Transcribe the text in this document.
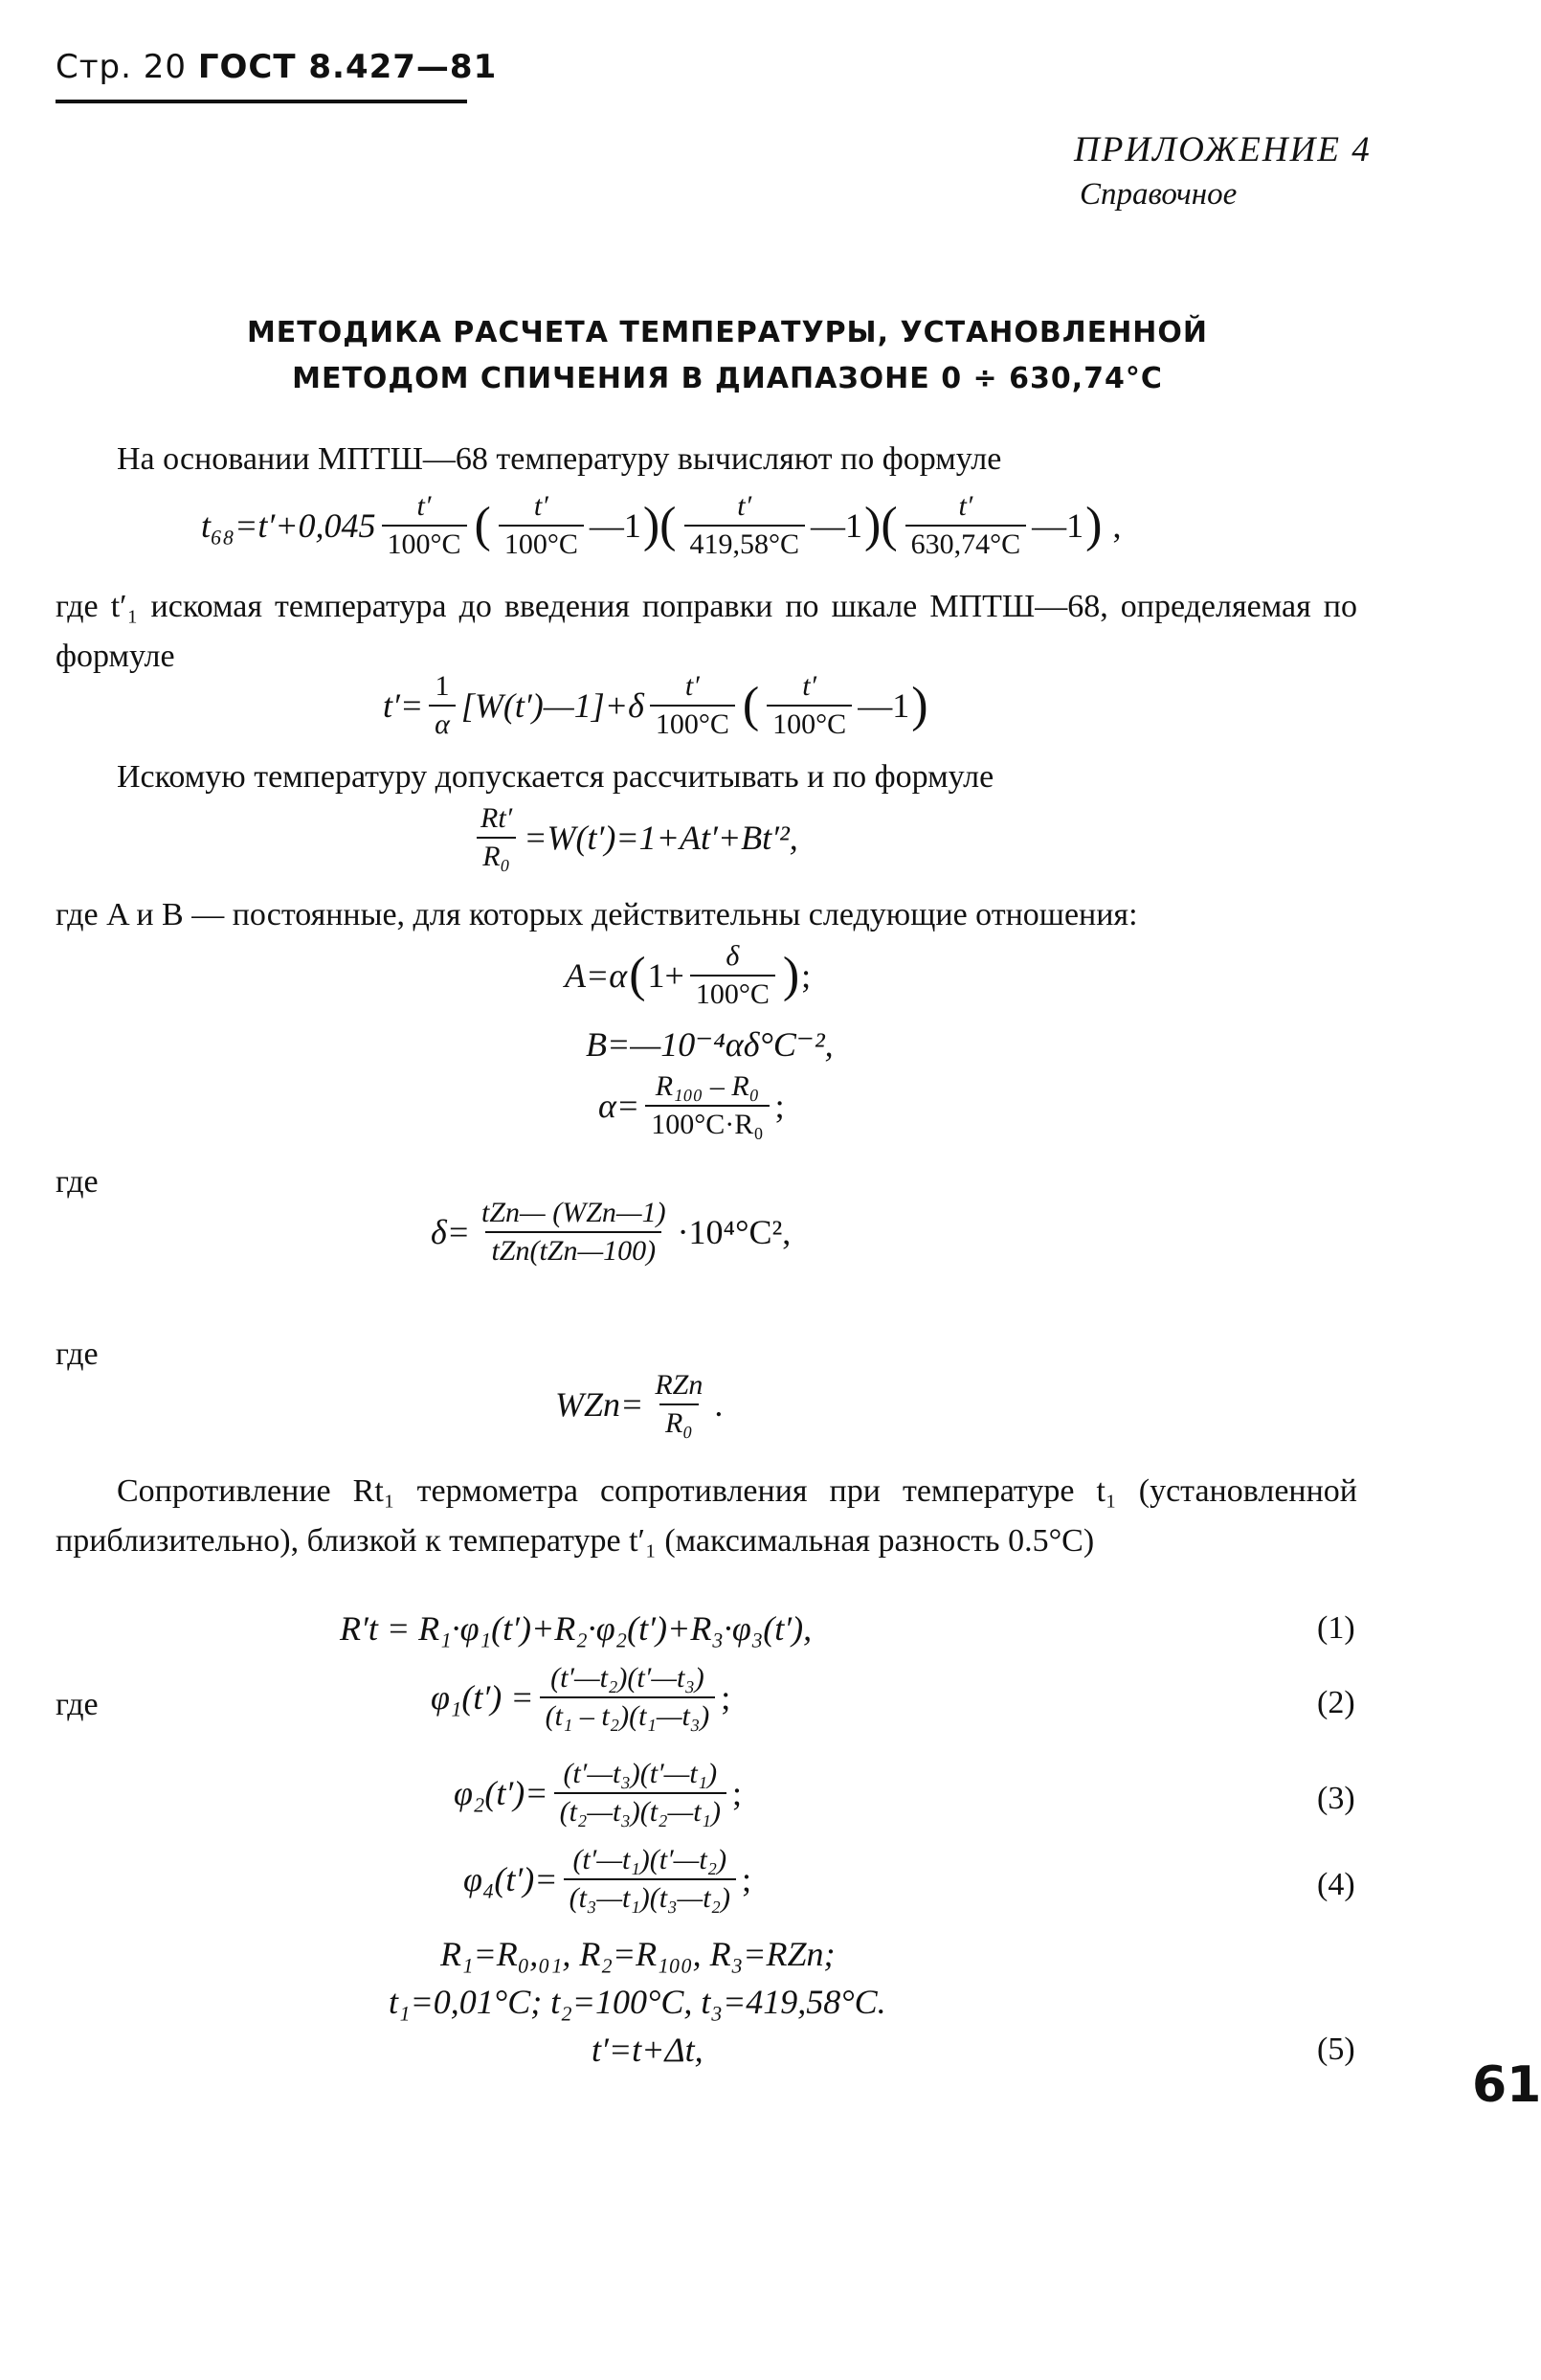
Стр. 20 ГОСТ 8.427—81
ПРИЛОЖЕНИЕ 4
Справочное
МЕТОДИКА РАСЧЕТА ТЕМПЕРАТУРЫ, УСТАНОВЛЕННОЙ
МЕТОДОМ СПИЧЕНИЯ В ДИАПАЗОНЕ 0 ÷ 630,74°С
На основании МПТШ—68 температуру вычисляют по формуле
$t_{68}=t'+0,045 \frac{t'}{100^\circ C}$ ( $\frac{t'}{100^\circ C}$ —1 )( $\frac{t'}{419,58^\circ C}$ —1 )( $\frac{t'}{630,74^\circ C}$ —1 ) ,
где t′₁ искомая температура до введения поправки по шкале МПТШ—68, определяемая по формуле
$t'= \frac{1}{\alpha}$ [W(t′)—1]+δ $\frac{t'}{100^\circ C}$ ( $\frac{t'}{100^\circ C}$ —1 )
Искомую температуру допускается рассчитывать и по формуле
$\frac{Rt'}{\text{R₀}} =W(t')=1+At'+Bt'^2$,
где A и B — постоянные, для которых действительны следующие отношения:
A=α ( $1+ \frac{\delta}{100^\circ C}$ ) ;
B=—10⁻⁴αδ°C⁻²,
$\alpha= \frac{\text{R₁₀₀ – R₀}}{\text{100°C·R₀}}$ ;
где
$\delta= \frac{\text{tZn— (WZn—1)}}{\text{tZn(tZn—100)}} \cdot 10^4^\circ C^2$,
где
$WZn= \frac{\text{RZn}}{\text{R₀}}$ .
Сопротивление Rt₁ термометра сопротивления при температуре t₁ (установленной приблизительно), близкой к температуре t′₁ (максимальная разность 0.5°С)
R′t = R₁·φ₁(t′)+R₂·φ₂(t′)+R₃·φ₃(t′),	(1)
где	$\varphi_1(t') = \frac{\text{(t′—t₂)(t′—t₃)}}{\text{(t₁ – t₂)(t₁—t₃)}}$ ;	(2)
$\varphi_2(t')= \frac{\text{(t′—t₃)(t′—t₁)}}{\text{(t₂—t₃)(t₂—t₁)}}$ ;	(3)
$\varphi_4(t')= \frac{\text{(t′—t₁)(t′—t₂)}}{\text{(t₃—t₁)(t₃—t₂)}}$ ;	(4)
R₁=R₀,₀₁, R₂=R₁₀₀, R₃=RZn;
t₁=0,01°C; t₂=100°C, t₃=419,58°C.
t′=t+Δt,	(5)
61
